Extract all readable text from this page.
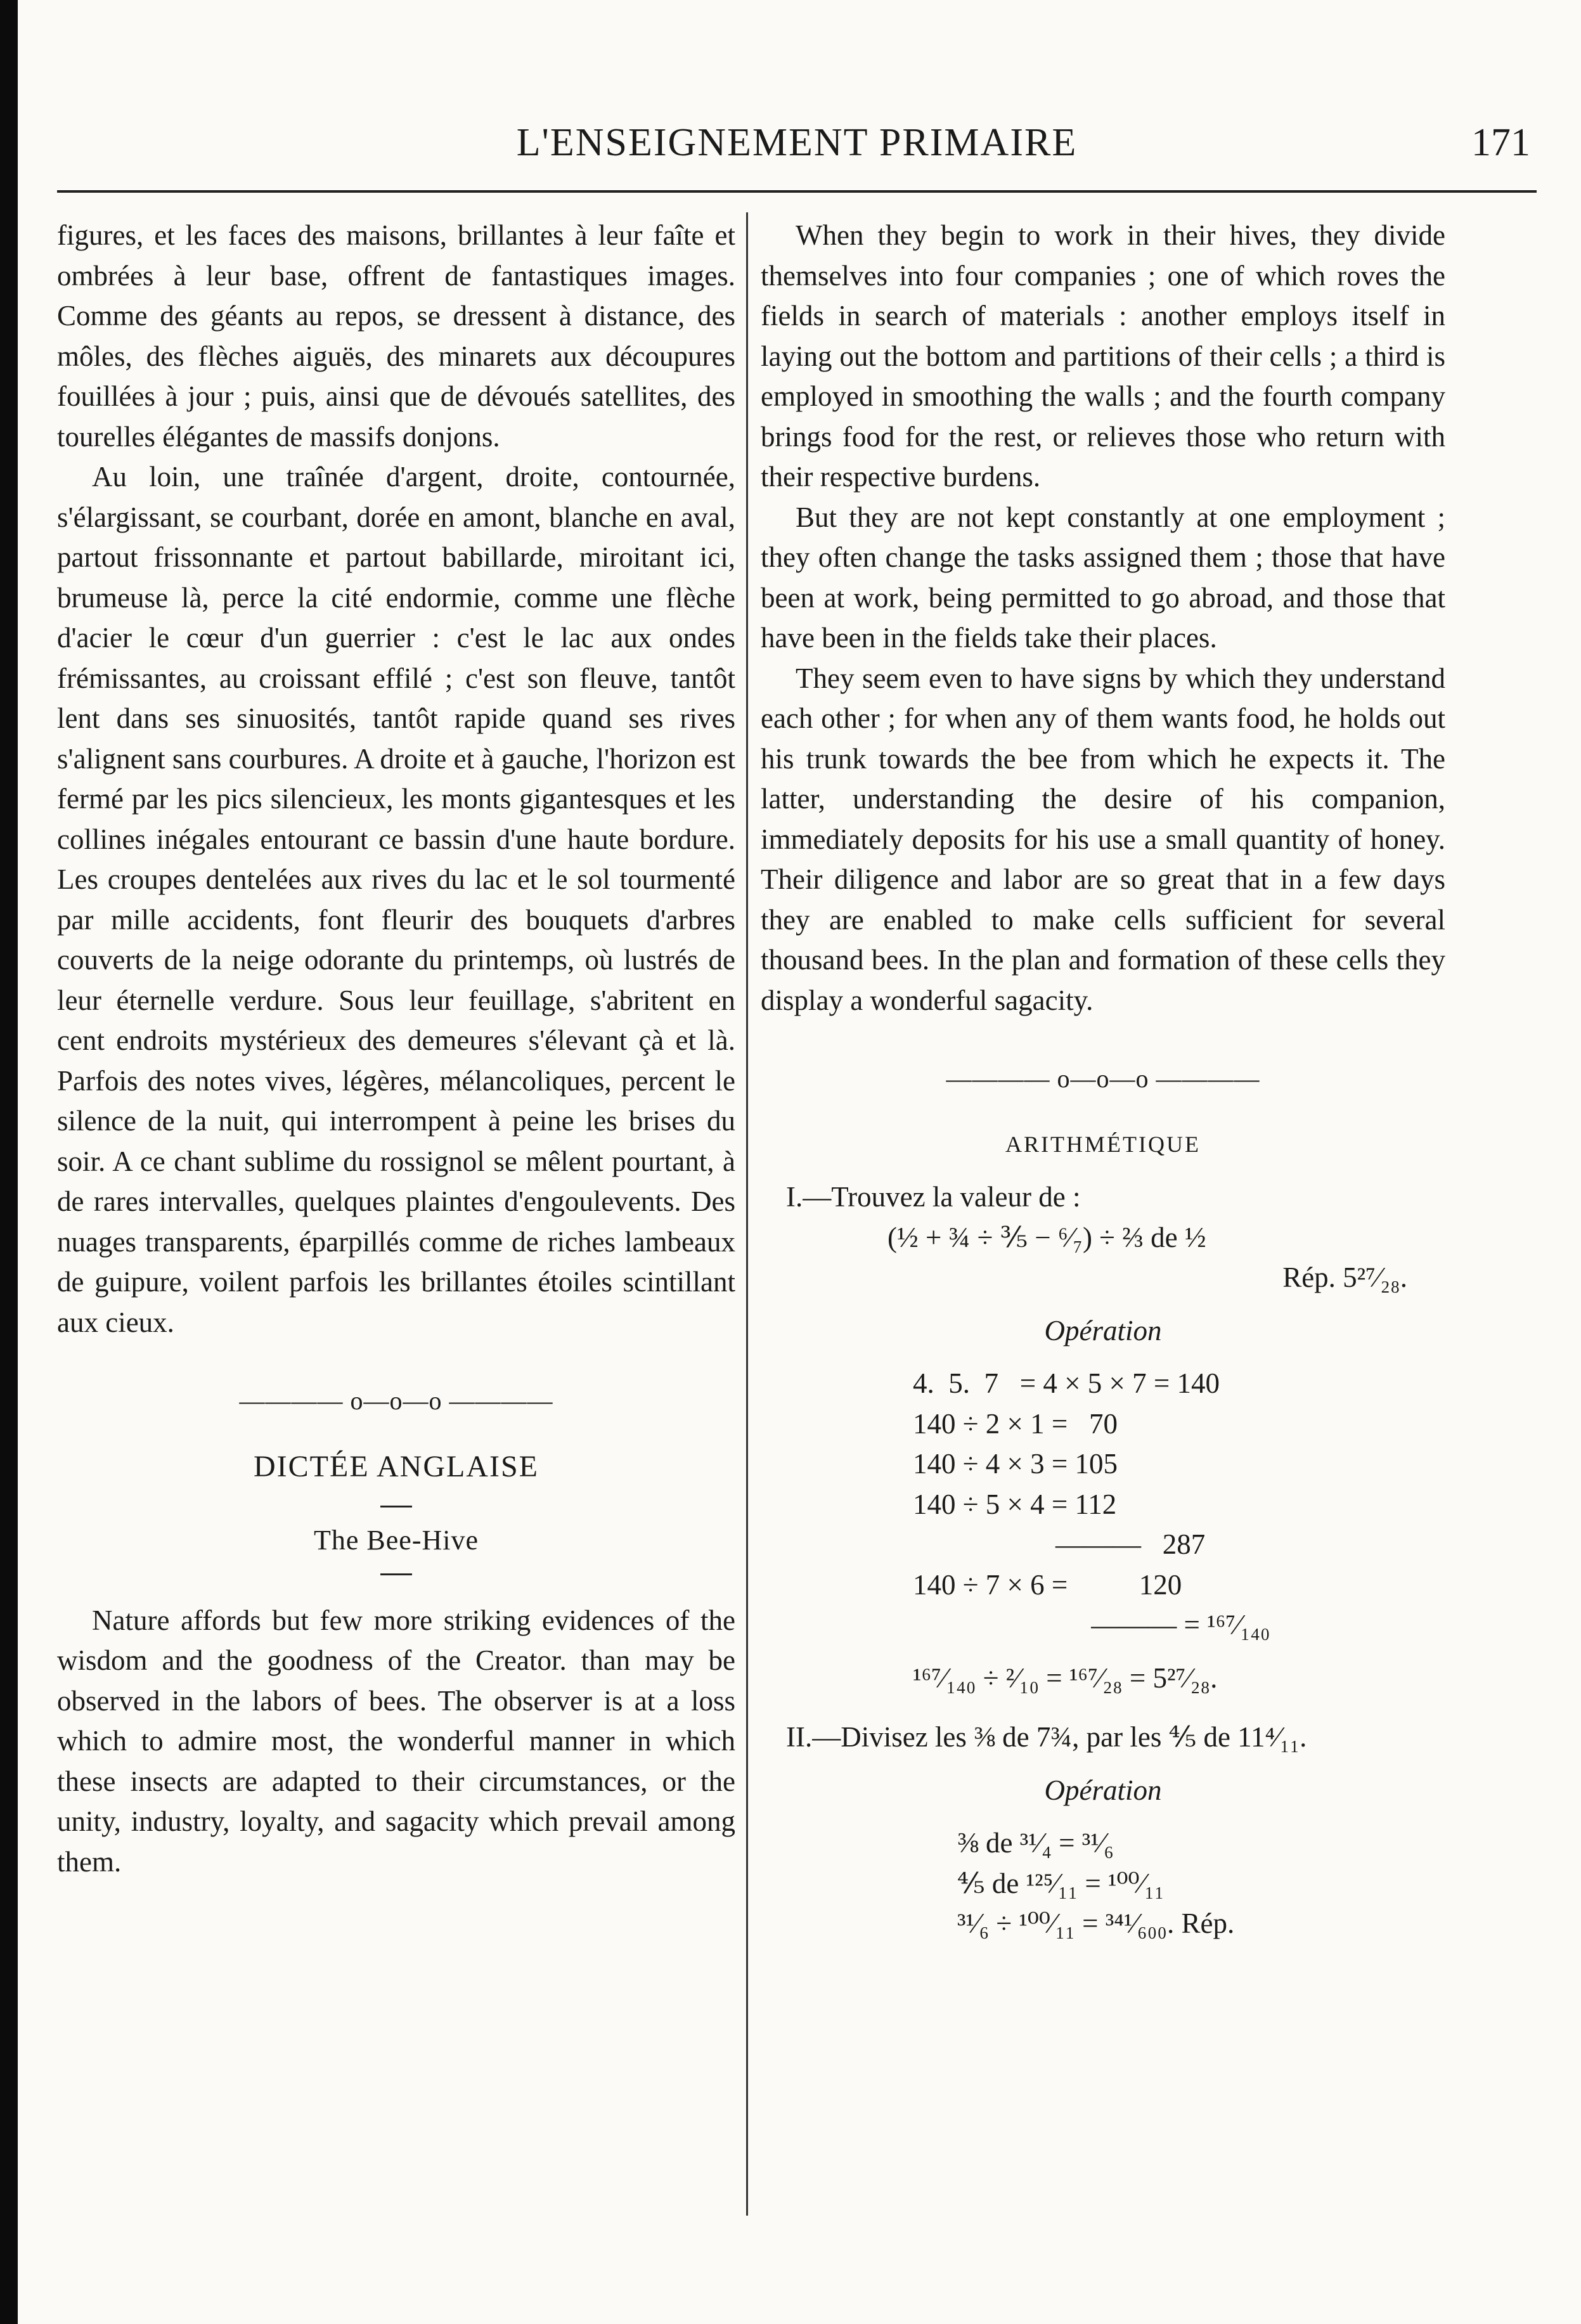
L'ENSEIGNEMENT PRIMAIRE	171

figures, et les faces des maisons, brillantes à leur faîte et ombrées à leur base, offrent de fantastiques images. Comme des géants au repos, se dressent à distance, des môles, des flèches aiguës, des minarets aux découpures fouillées à jour ; puis, ainsi que de dévoués satellites, des tourelles élégantes de massifs donjons.

Au loin, une traînée d'argent, droite, contournée, s'élargissant, se courbant, dorée en amont, blanche en aval, partout frissonnante et partout babillarde, miroitant ici, brumeuse là, perce la cité endormie, comme une flèche d'acier le cœur d'un guerrier : c'est le lac aux ondes frémissantes, au croissant effilé ; c'est son fleuve, tantôt lent dans ses sinuosités, tantôt rapide quand ses rives s'alignent sans courbures. A droite et à gauche, l'horizon est fermé par les pics silencieux, les monts gigantesques et les collines inégales entourant ce bassin d'une haute bordure. Les croupes dentelées aux rives du lac et le sol tourmenté par mille accidents, font fleurir des bouquets d'arbres couverts de la neige odorante du printemps, où lustrés de leur éternelle verdure. Sous leur feuillage, s'abritent en cent endroits mystérieux des demeures s'élevant çà et là. Parfois des notes vives, légères, mélancoliques, percent le silence de la nuit, qui interrompent à peine les brises du soir. A ce chant sublime du rossignol se mêlent pourtant, à de rares intervalles, quelques plaintes d'engoulevents. Des nuages transparents, éparpillés comme de riches lambeaux de guipure, voilent parfois les brillantes étoiles scintillant aux cieux.

———— o—o—o ————
DICTÉE ANGLAISE
The Bee-Hive

Nature affords but few more striking evidences of the wisdom and the goodness of the Creator. than may be observed in the labors of bees. The observer is at a loss which to admire most, the wonderful manner in which these insects are adapted to their circumstances, or the unity, industry, loyalty, and sagacity which prevail among them.

When they begin to work in their hives, they divide themselves into four companies ; one of which roves the fields in search of materials : another employs itself in laying out the bottom and partitions of their cells ; a third is employed in smoothing the walls ; and the fourth company brings food for the rest, or relieves those who return with their respective burdens.

But they are not kept constantly at one employment ; they often change the tasks assigned them ; those that have been at work, being permitted to go abroad, and those that have been in the fields take their places.

They seem even to have signs by which they understand each other ; for when any of them wants food, he holds out his trunk towards the bee from which he expects it. The latter, understanding the desire of his companion, immediately deposits for his use a small quantity of honey. Their diligence and labor are so great that in a few days they are enabled to make cells sufficient for several thousand bees. In the plan and formation of these cells they display a wonderful sagacity.

———— o—o—o ————
ARITHMÉTIQUE
I.—Trouvez la valeur de :
(½ + ¾ ÷ ⅗ − ⁶⁄₇) ÷ ⅔ de ½
Rép. 5²⁷⁄₂₈.
Opération
4.  5.  7   = 4 × 5 × 7 = 140
140 ÷ 2 × 1 =   70
140 ÷ 4 × 3 = 105
140 ÷ 5 × 4 = 112
———   287
140 ÷ 7 × 6 =          120
——— = ¹⁶⁷⁄₁₄₀
¹⁶⁷⁄₁₄₀ ÷ ²⁄₁₀ = ¹⁶⁷⁄₂₈ = 5²⁷⁄₂₈.
II.—Divisez les ⅜ de 7¾, par les ⅘ de 11⁴⁄₁₁.
Opération
⅜ de ³¹⁄₄ = ³¹⁄₆
⅘ de ¹²⁵⁄₁₁ = ¹⁰⁰⁄₁₁
³¹⁄₆ ÷ ¹⁰⁰⁄₁₁ = ³⁴¹⁄₆₀₀. Rép.
